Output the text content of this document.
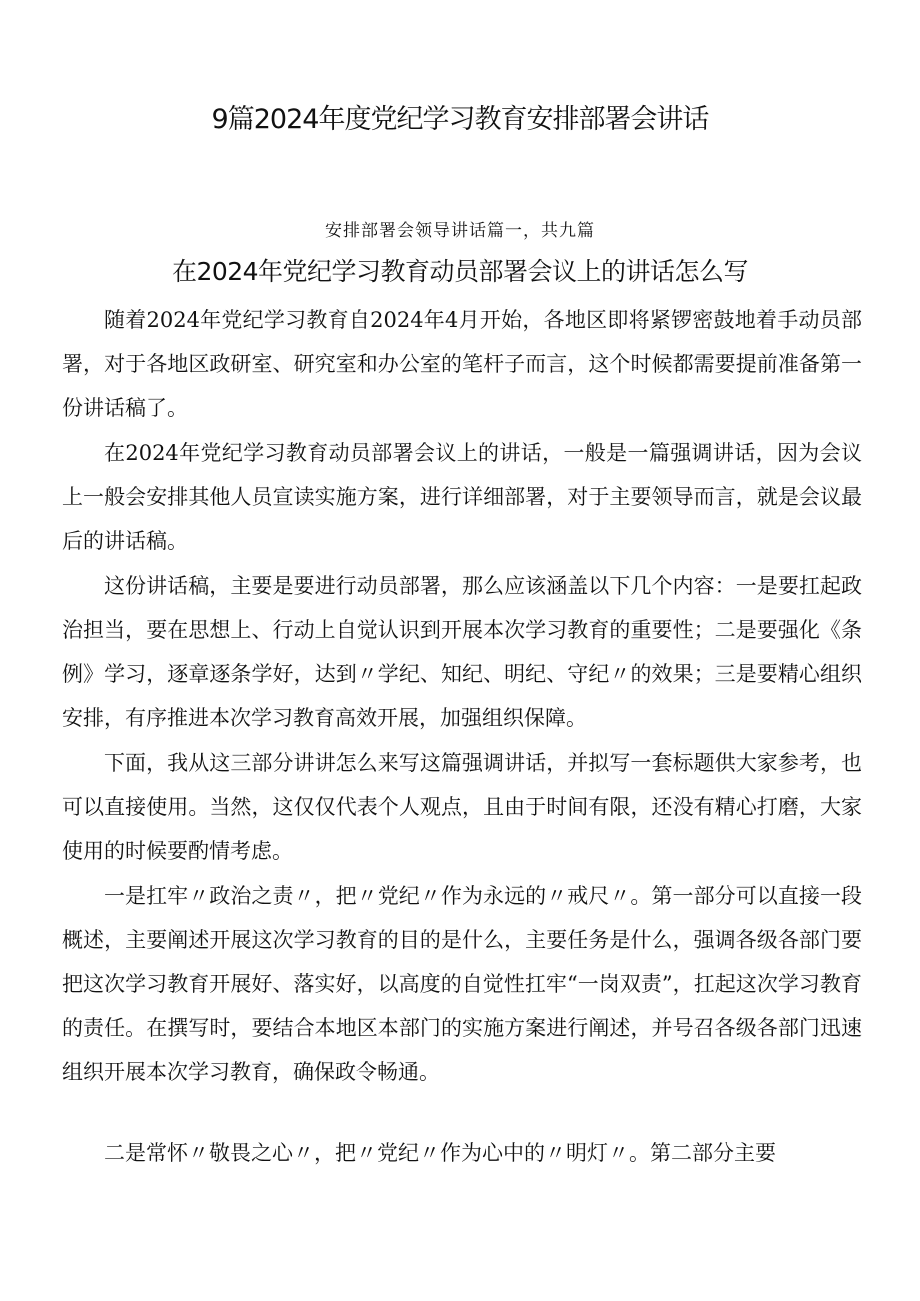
9篇2024年度党纪学习教育安排部署会讲话
安排部署会领导讲话篇一，共九篇
在2024年党纪学习教育动员部署会议上的讲话怎么写

随着2024年党纪学习教育自2024年4月开始，各地区即将紧锣密鼓地着手动员部署，对于各地区政研室、研究室和办公室的笔杆子而言，这个时候都需要提前准备第一份讲话稿了。

在2024年党纪学习教育动员部署会议上的讲话，一般是一篇强调讲话，因为会议上一般会安排其他人员宣读实施方案，进行详细部署，对于主要领导而言，就是会议最后的讲话稿。

这份讲话稿，主要是要进行动员部署，那么应该涵盖以下几个内容：一是要扛起政治担当，要在思想上、行动上自觉认识到开展本次学习教育的重要性；二是要强化《条例》学习，逐章逐条学好，达到〃学纪、知纪、明纪、守纪〃的效果；三是要精心组织安排，有序推进本次学习教育高效开展，加强组织保障。

下面，我从这三部分讲讲怎么来写这篇强调讲话，并拟写一套标题供大家参考，也可以直接使用。当然，这仅仅代表个人观点，且由于时间有限，还没有精心打磨，大家使用的时候要酌情考虑。

一是扛牢〃政治之责〃，把〃党纪〃作为永远的〃戒尺〃。第一部分可以直接一段概述，主要阐述开展这次学习教育的目的是什么，主要任务是什么，强调各级各部门要把这次学习教育开展好、落实好，以高度的自觉性扛牢“一岗双责”，扛起这次学习教育的责任。在撰写时，要结合本地区本部门的实施方案进行阐述，并号召各级各部门迅速组织开展本次学习教育，确保政令畅通。

二是常怀〃敬畏之心〃，把〃党纪〃作为心中的〃明灯〃。第二部分主要
